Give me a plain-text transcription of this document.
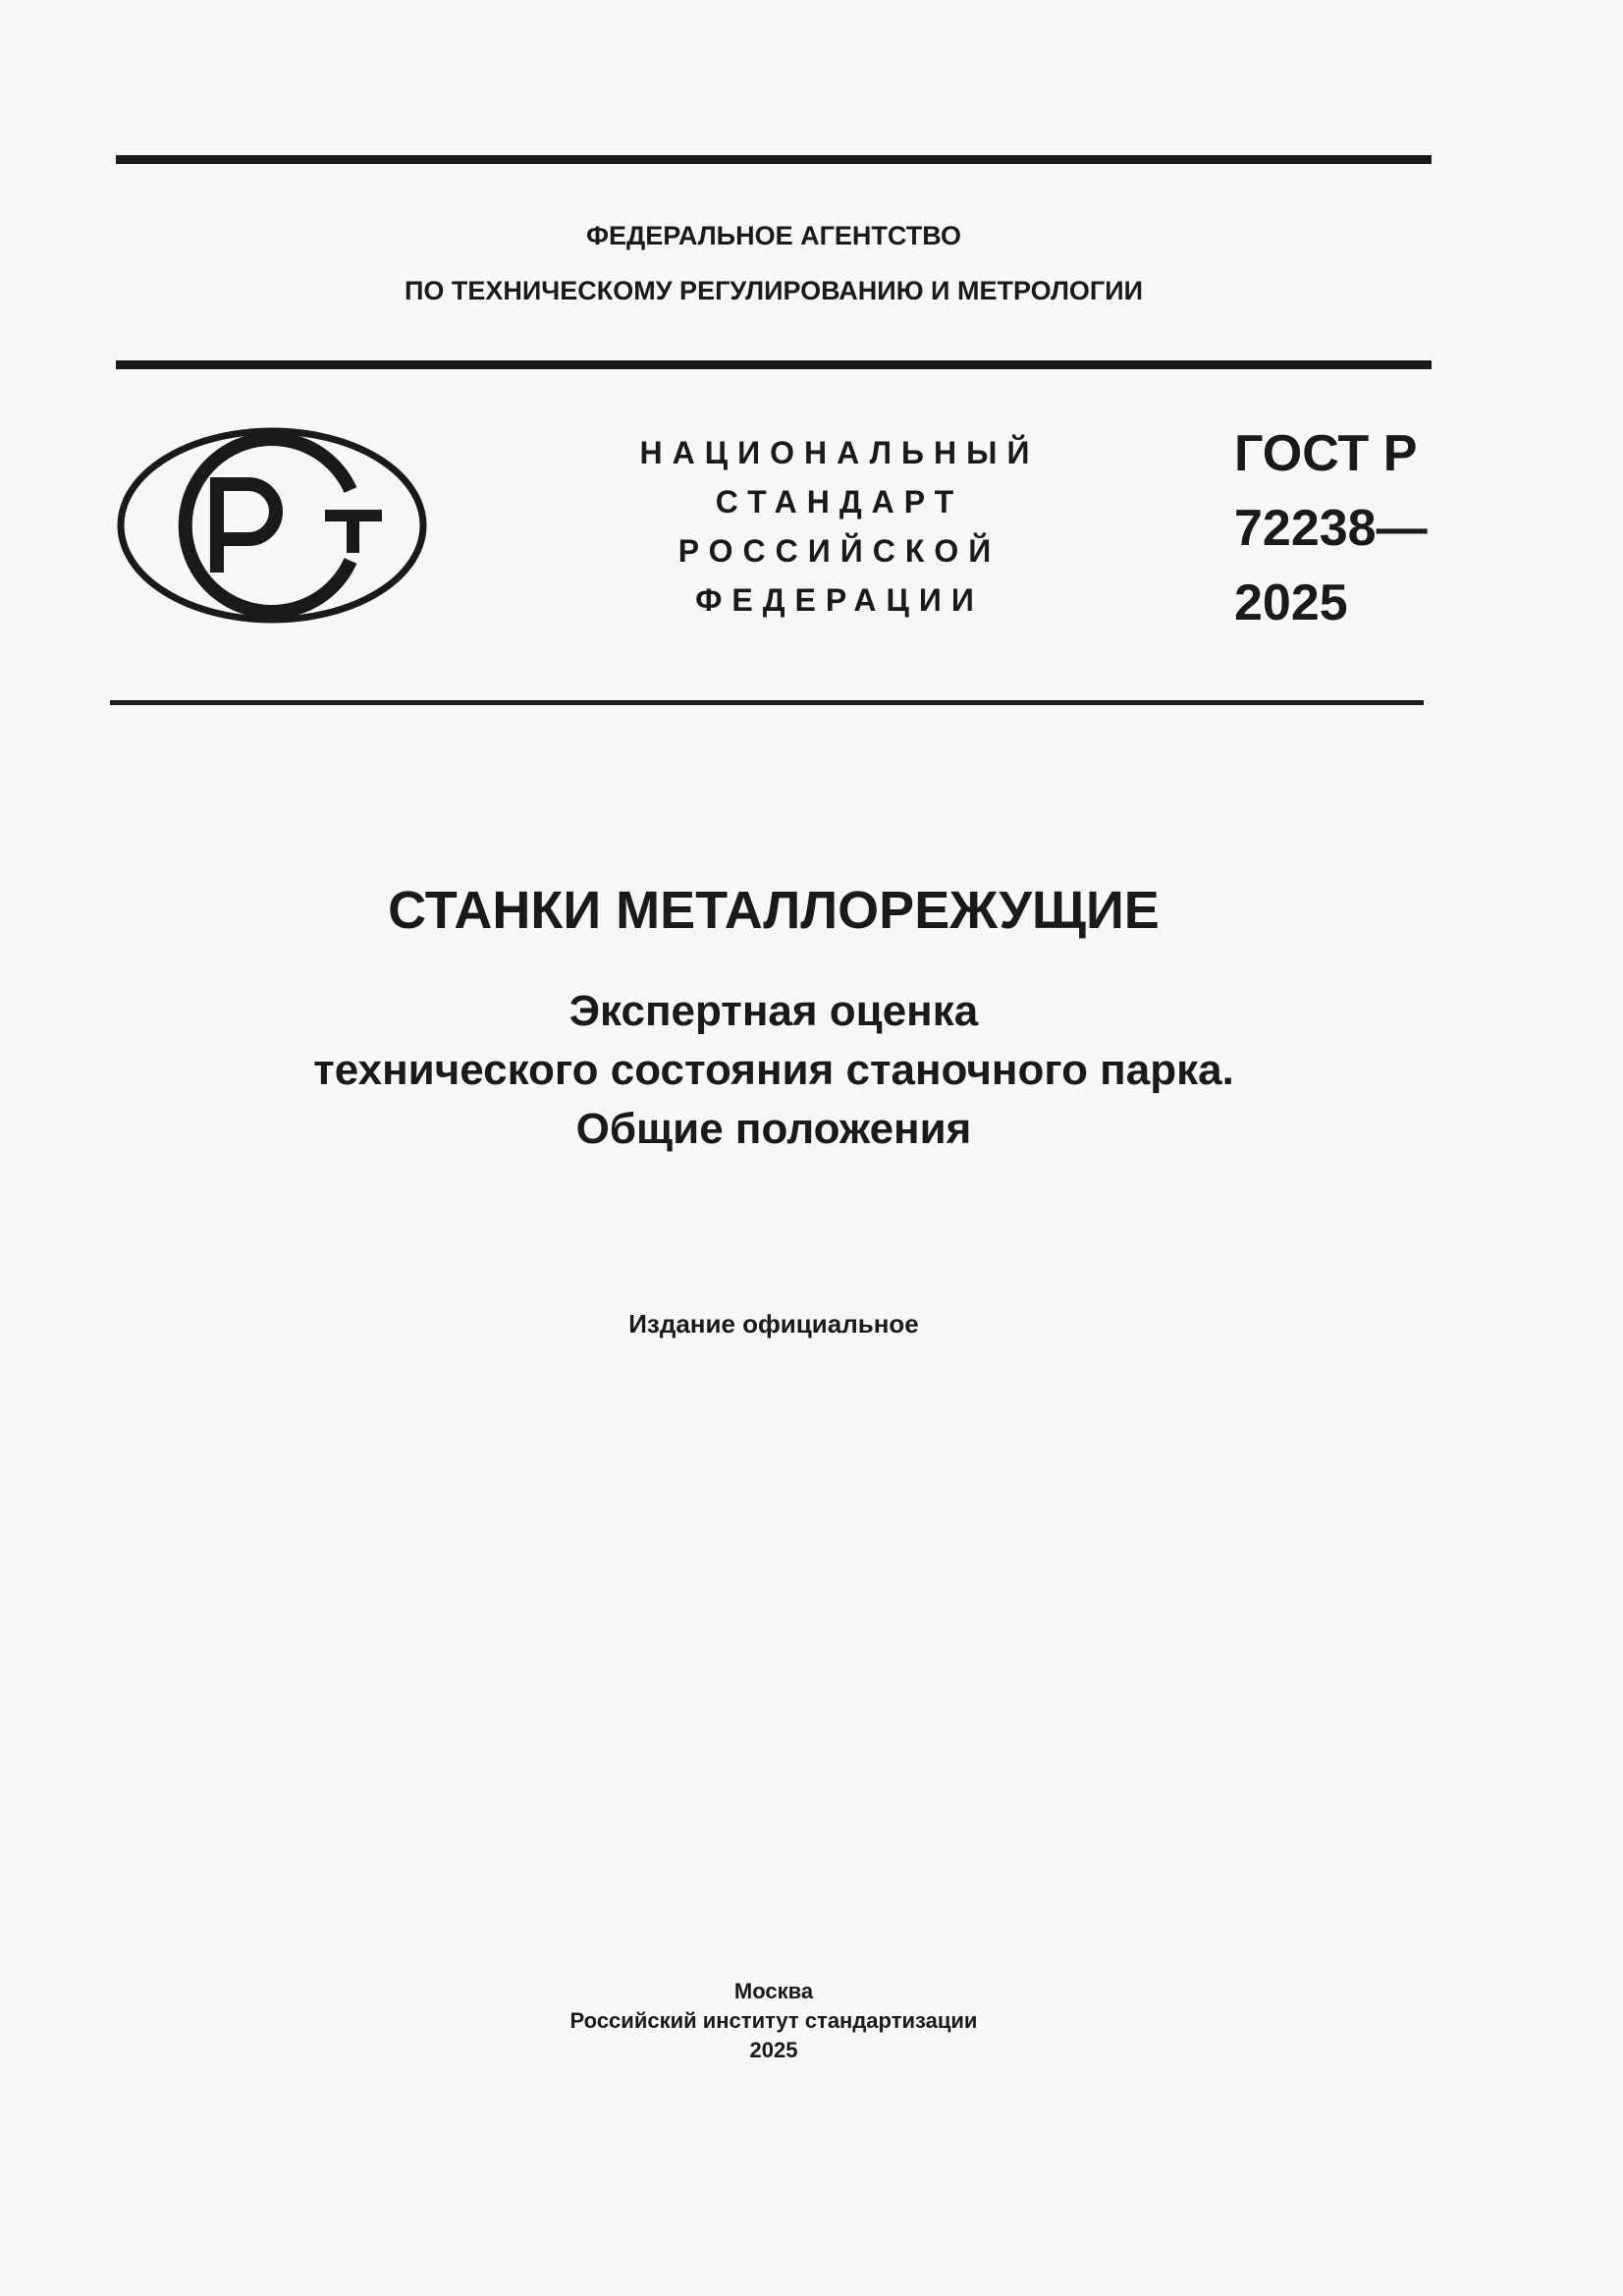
ФЕДЕРАЛЬНОЕ АГЕНТСТВО
ПО ТЕХНИЧЕСКОМУ РЕГУЛИРОВАНИЮ И МЕТРОЛОГИИ
НАЦИОНАЛЬНЫЙ
СТАНДАРТ
РОССИЙСКОЙ
ФЕДЕРАЦИИ
ГОСТ Р
72238—
2025
СТАНКИ МЕТАЛЛОРЕЖУЩИЕ
Экспертная оценка
технического состояния станочного парка.
Общие положения
Издание официальное
Москва
Российский институт стандартизации
2025
